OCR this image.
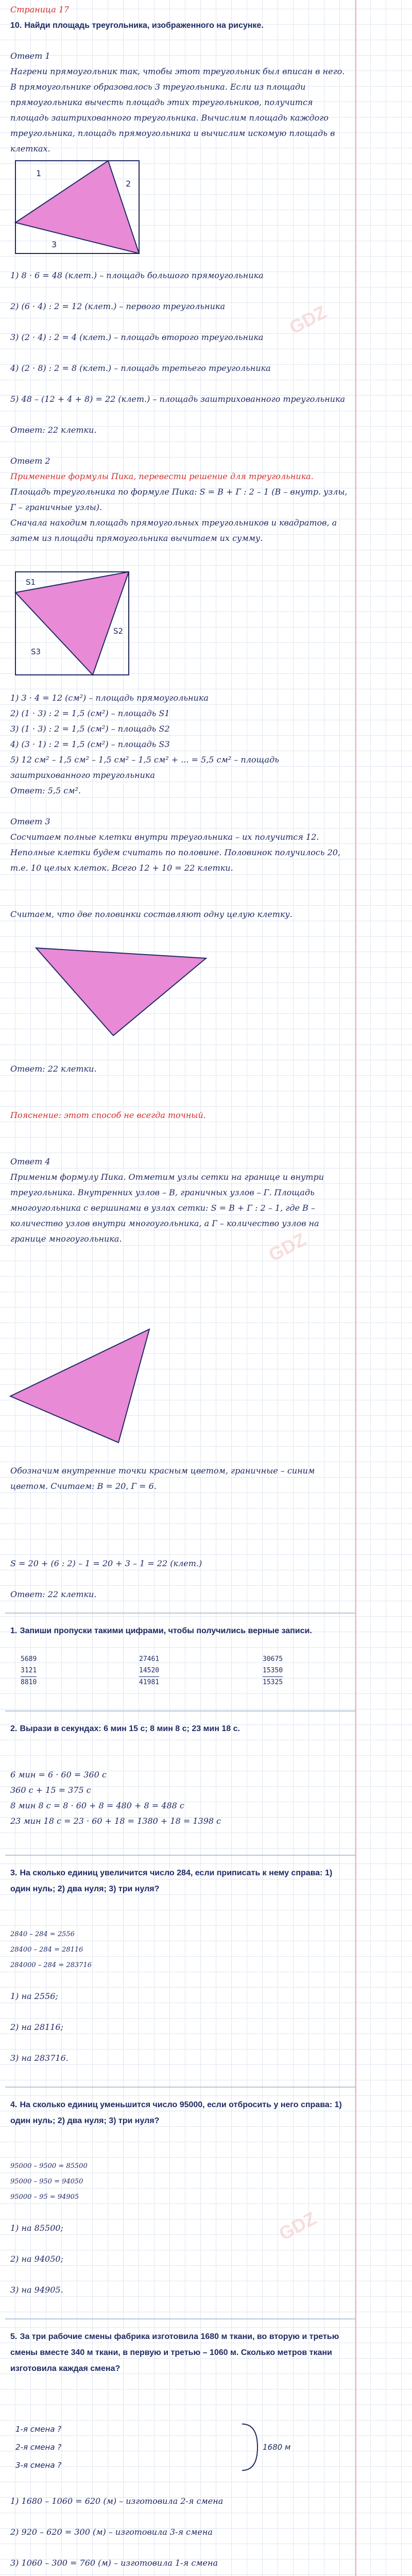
Страница 17

10. Найди площадь треугольника, изображенного на рисунке.

Ответ 1

Нагрени прямоугольник так, чтобы этот треугольник был вписан в него. В прямоугольнике образовалось 3 треугольника. Если из площади прямоугольника вычесть площадь этих треугольников, получится площадь заштрихованного треугольника. Вычислим площадь каждого треугольника, площадь прямоугольника и вычислим искомую площадь в клетках.

1
2
3

1) 8 · 6 = 48 (клет.) – площадь большого прямоугольника

2) (6 · 4) : 2 = 12 (клет.) – первого треугольника

3) (2 · 4) : 2 = 4 (клет.) – площадь второго треугольника

4) (2 · 8) : 2 = 8 (клет.) – площадь третьего треугольника

5) 48 – (12 + 4 + 8) = 22 (клет.) – площадь заштрихованного треугольника

Ответ: 22 клетки.

Ответ 2

Применение формулы Пика, перевести решение для треугольника.

Площадь треугольника по формуле Пика: S = В + Г : 2 – 1 (В – внутр. узлы, Г – граничные узлы).

Сначала находим площадь прямоугольных треугольников и квадратов, а затем из площади прямоугольника вычитаем их сумму.

S1
S2
S3

1) 3 · 4 = 12 (см²) – площадь прямоугольника

2) (1 · 3) : 2 = 1,5 (см²) – площадь S1

3) (1 · 3) : 2 = 1,5 (см²) – площадь S2

4) (3 · 1) : 2 = 1,5 (см²) – площадь S3

5) 12 см² – 1,5 см² – 1,5 см² – 1,5 см² + ... = 5,5 см² – площадь заштрихованного треугольника

Ответ: 5,5 см².

Ответ 3

Сосчитаем полные клетки внутри треугольника – их получится 12. Неполные клетки будем считать по половине. Половинок получилось 20, т.е. 10 целых клеток. Всего 12 + 10 = 22 клетки.

Считаем, что две половинки составляют одну целую клетку.

Ответ: 22 клетки.

Пояснение: этот способ не всегда точный.

Ответ 4

Применим формулу Пика. Отметим узлы сетки на границе и внутри треугольника. Внутренних узлов – В, граничных узлов – Г. Площадь многоугольника с вершинами в узлах сетки: S = В + Г : 2 – 1, где В – количество узлов внутри многоугольника, а Г – количество узлов на границе многоугольника.

Обозначим внутренние точки красным цветом, граничные – синим цветом. Считаем: В = 20, Г = 6.

S = 20 + (6 : 2) – 1 = 20 + 3 – 1 = 22 (клет.)

Ответ: 22 клетки.

1. Запиши пропуски такими цифрами, чтобы получились верные записи.

5689
3121
8810
27461
14520
41981
30675
15350
15325

2. Вырази в секундах: 6 мин 15 с; 8 мин 8 с; 23 мин 18 с.

6 мин = 6 · 60 = 360 с

360 с + 15 = 375 с

8 мин 8 с = 8 · 60 + 8 = 480 + 8 = 488 с

23 мин 18 с = 23 · 60 + 18 = 1380 + 18 = 1398 с

3. На сколько единиц увеличится число 284, если приписать к нему справа: 1) один нуль; 2) два нуля; 3) три нуля?

2840 – 284 = 2556

28400 – 284 = 28116

284000 – 284 = 283716

1) на 2556;

2) на 28116;

3) на 283716.

4. На сколько единиц уменьшится число 95000, если отбросить у него справа: 1) один нуль; 2) два нуля; 3) три нуля?

95000 – 9500 = 85500

95000 – 950 = 94050

95000 – 95 = 94905

1) на 85500;

2) на 94050;

3) на 94905.

5. За три рабочие смены фабрика изготовила 1680 м ткани, во вторую и третью смены вместе 340 м ткани, в первую и третью – 1060 м. Сколько метров ткани изготовила каждая смена?

1-я смена ?
2-я смена ?
3-я смена ?
1680 м

1) 1680 – 1060 = 620 (м) – изготовила 2-я смена

2) 920 – 620 = 300 (м) – изготовила 3-я смена

3) 1060 – 300 = 760 (м) – изготовила 1-я смена

GDZ
GDZ
GDZ
